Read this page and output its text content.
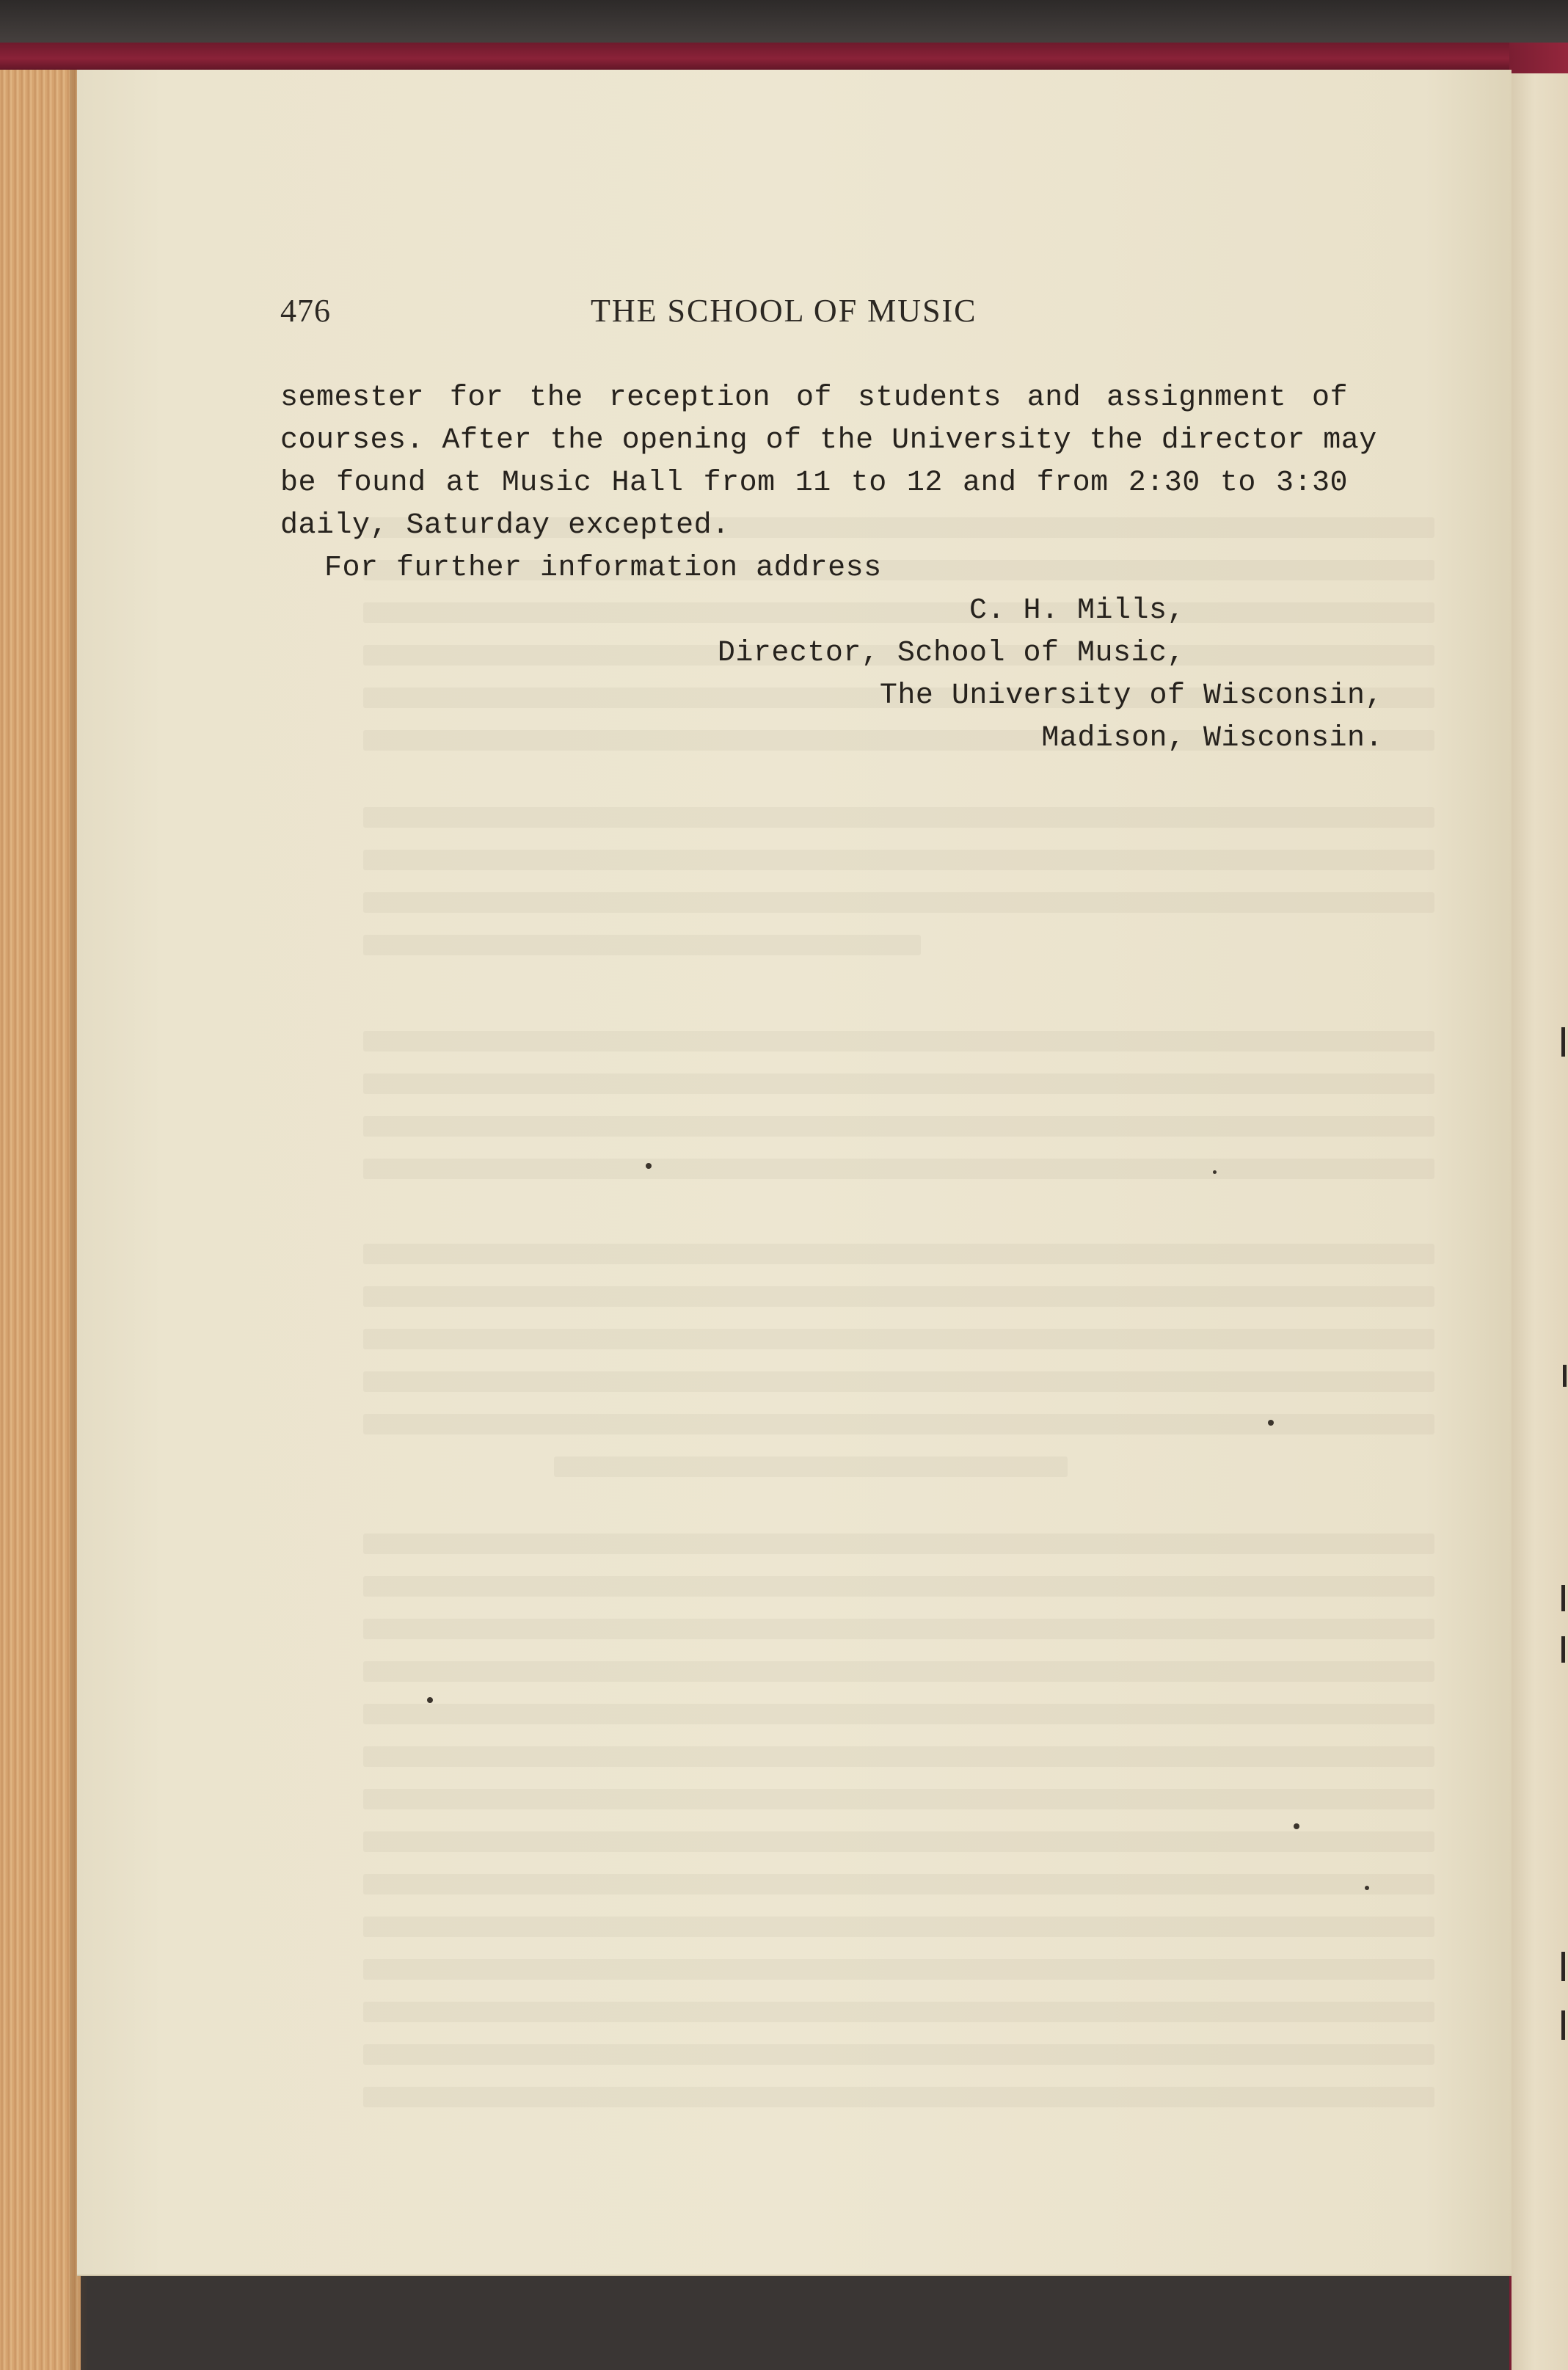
476	THE SCHOOL OF MUSIC
semester for the reception of students and assignment of
courses. After the opening of the University the director may
be found at Music Hall from 11 to 12 and from 2:30 to 3:30
daily, Saturday excepted.
For further information address
C. H. Mills,
Director, School of Music,
The University of Wisconsin,
Madison, Wisconsin.
